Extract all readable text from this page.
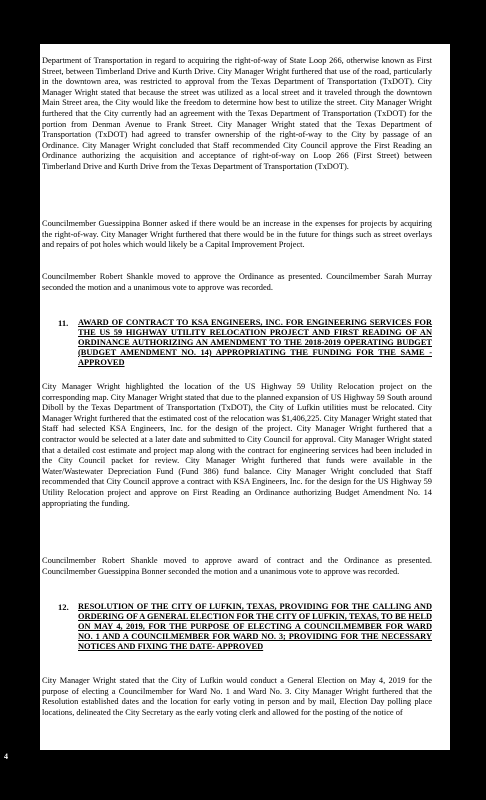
Department of Transportation in regard to acquiring the right-of-way of State Loop 266, otherwise known as First Street, between Timberland Drive and Kurth Drive. City Manager Wright furthered that use of the road, particularly in the downtown area, was restricted to approval from the Texas Department of Transportation (TxDOT). City Manager Wright stated that because the street was utilized as a local street and it traveled through the downtown Main Street area, the City would like the freedom to determine how best to utilize the street. City Manager Wright furthered that the City currently had an agreement with the Texas Department of Transportation (TxDOT) for the portion from Denman Avenue to Frank Street. City Manager Wright stated that the Texas Department of Transportation (TxDOT) had agreed to transfer ownership of the right-of-way to the City by passage of an Ordinance. City Manager Wright concluded that Staff recommended City Council approve the First Reading an Ordinance authorizing the acquisition and acceptance of right-of-way on Loop 266 (First Street) between Timberland Drive and Kurth Drive from the Texas Department of Transportation (TxDOT).

Councilmember Guessippina Bonner asked if there would be an increase in the expenses for projects by acquiring the right-of-way. City Manager Wright furthered that there would be in the future for things such as street overlays and repairs of pot holes which would likely be a Capital Improvement Project.

Councilmember Robert Shankle moved to approve the Ordinance as presented. Councilmember Sarah Murray seconded the motion and a unanimous vote to approve was recorded.

11. AWARD OF CONTRACT TO KSA ENGINEERS, INC. FOR ENGINEERING SERVICES FOR THE US 59 HIGHWAY UTILITY RELOCATION PROJECT AND FIRST READING OF AN ORDINANCE AUTHORIZING AN AMENDMENT TO THE 2018-2019 OPERATING BUDGET (BUDGET AMENDMENT NO. 14) APPROPRIATING THE FUNDING FOR THE SAME - APPROVED

City Manager Wright highlighted the location of the US Highway 59 Utility Relocation project on the corresponding map. City Manager Wright stated that due to the planned expansion of US Highway 59 South around Diboll by the Texas Department of Transportation (TxDOT), the City of Lufkin utilities must be relocated. City Manager Wright furthered that the estimated cost of the relocation was $1,406,225. City Manager Wright stated that Staff had selected KSA Engineers, Inc. for the design of the project. City Manager Wright furthered that a contractor would be selected at a later date and submitted to City Council for approval. City Manager Wright stated that a detailed cost estimate and project map along with the contract for engineering services had been included in the City Council packet for review. City Manager Wright furthered that funds were available in the Water/Wastewater Depreciation Fund (Fund 386) fund balance. City Manager Wright concluded that Staff recommended that City Council approve a contract with KSA Engineers, Inc. for the design for the US Highway 59 Utility Relocation project and approve on First Reading an Ordinance authorizing Budget Amendment No. 14 appropriating the funding.

Councilmember Robert Shankle moved to approve award of contract and the Ordinance as presented. Councilmember Guessippina Bonner seconded the motion and a unanimous vote to approve was recorded.

12. RESOLUTION OF THE CITY OF LUFKIN, TEXAS, PROVIDING FOR THE CALLING AND ORDERING OF A GENERAL ELECTION FOR THE CITY OF LUFKIN, TEXAS, TO BE HELD ON MAY 4, 2019, FOR THE PURPOSE OF ELECTING A COUNCILMEMBER FOR WARD NO. 1 AND A COUNCILMEMBER FOR WARD NO. 3; PROVIDING FOR THE NECESSARY NOTICES AND FIXING THE DATE- APPROVED

City Manager Wright stated that the City of Lufkin would conduct a General Election on May 4, 2019 for the purpose of electing a Councilmember for Ward No. 1 and Ward No. 3. City Manager Wright furthered that the Resolution established dates and the location for early voting in person and by mail, Election Day polling place locations, delineated the City Secretary as the early voting clerk and allowed for the posting of the notice of

4
